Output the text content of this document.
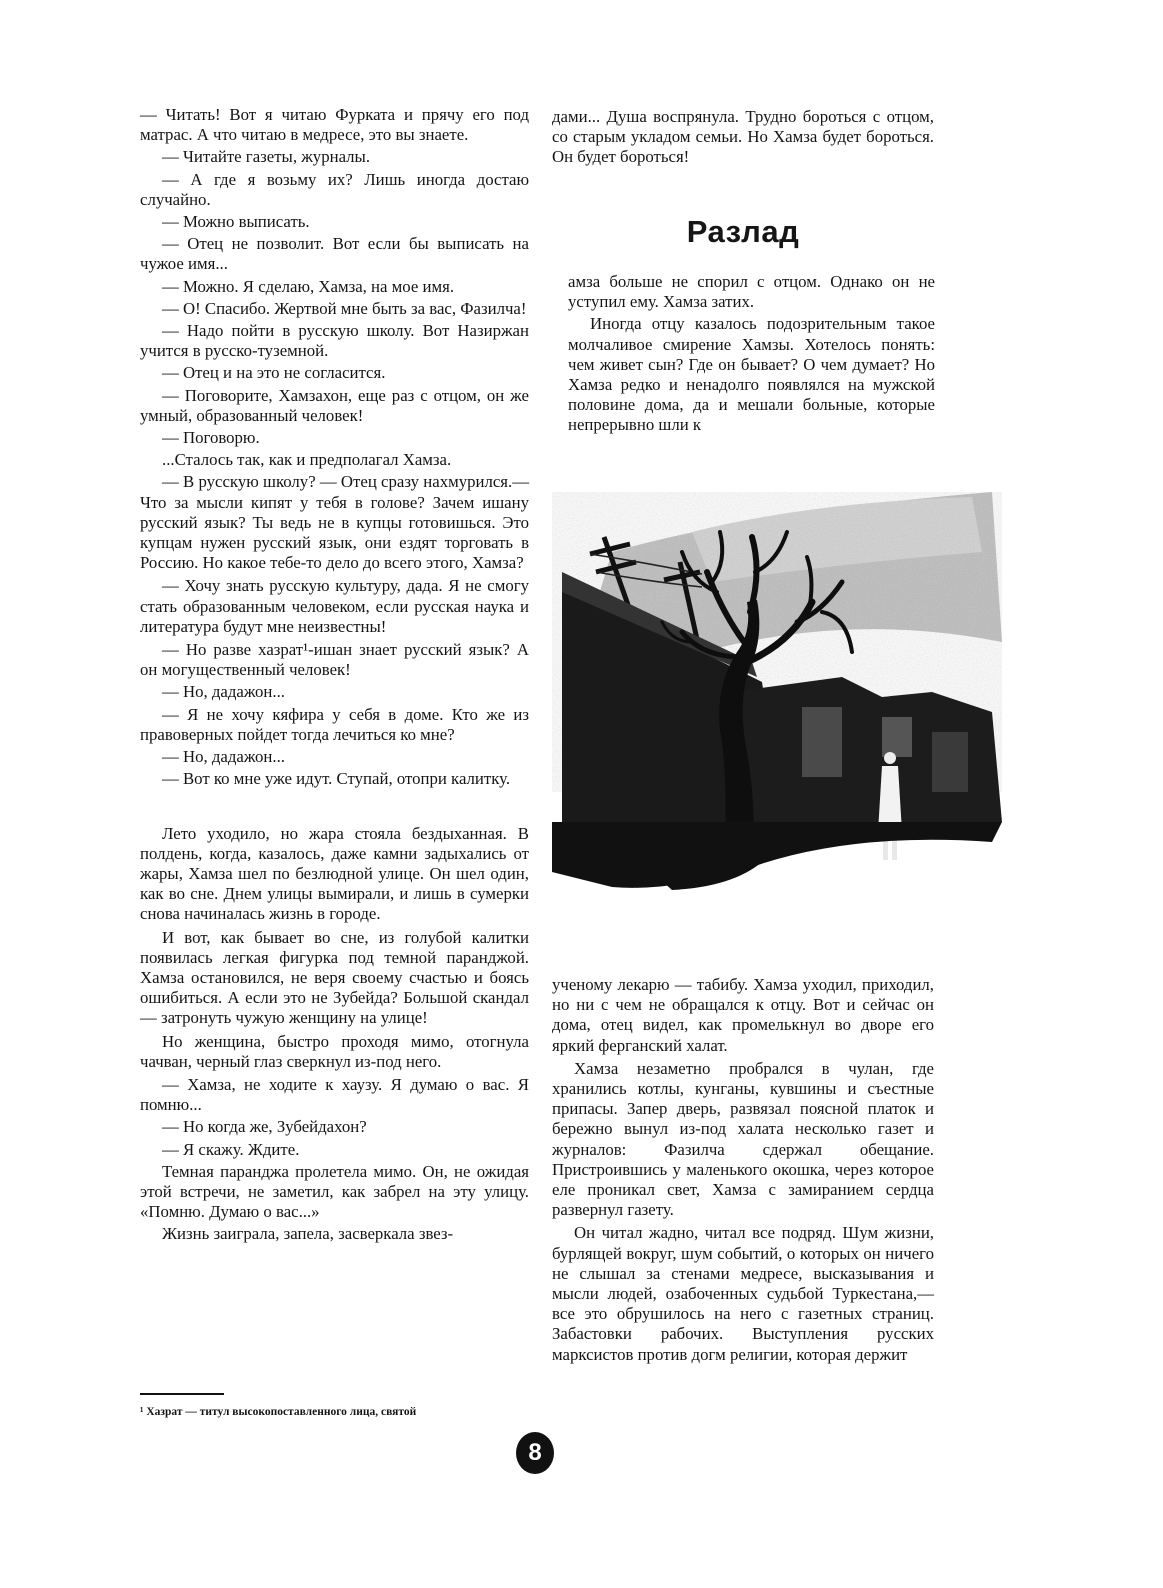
— Читать! Вот я читаю Фурката и прячу его под матрас. А что читаю в медресе, это вы знаете.

— Читайте газеты, журналы.

— А где я возьму их? Лишь иногда достаю случайно.

— Можно выписать.

— Отец не позволит. Вот если бы выписать на чужое имя...

— Можно. Я сделаю, Хамза, на мое имя.

— О! Спасибо. Жертвой мне быть за вас, Фазилча!

— Надо пойти в русскую школу. Вот Назиржан учится в русско-туземной.

— Отец и на это не согласится.

— Поговорите, Хамзахон, еще раз с отцом, он же умный, образованный человек!

— Поговорю.

...Сталось так, как и предполагал Хамза.

— В русскую школу? — Отец сразу нахмурился.— Что за мысли кипят у тебя в голове? Зачем ишану русский язык? Ты ведь не в купцы готовишься. Это купцам нужен русский язык, они ездят торговать в Россию. Но какое тебе-то дело до всего этого, Хамза?

— Хочу знать русскую культуру, дада. Я не смогу стать образованным человеком, если русская наука и литература будут мне неизвестны!

— Но разве хазрат¹-ишан знает русский язык? А он могущественный человек!

— Но, дадажон...

— Я не хочу кяфира у себя в доме. Кто же из правоверных пойдет тогда лечиться ко мне?

— Но, дадажон...

— Вот ко мне уже идут. Ступай, отопри калитку.

Лето уходило, но жара стояла бездыханная. В полдень, когда, казалось, даже камни задыхались от жары, Хамза шел по безлюдной улице. Он шел один, как во сне. Днем улицы вымирали, и лишь в сумерки снова начиналась жизнь в городе.

И вот, как бывает во сне, из голубой калитки появилась легкая фигурка под темной паранджой. Хамза остановился, не веря своему счастью и боясь ошибиться. А если это не Зубейда? Большой скандал — затронуть чужую женщину на улице!

Но женщина, быстро проходя мимо, отогнула чачван, черный глаз сверкнул из-под него.

— Хамза, не ходите к хаузу. Я думаю о вас. Я помню...

— Но когда же, Зубейдахон?

— Я скажу. Ждите.

Темная паранджа пролетела мимо. Он, не ожидая этой встречи, не заметил, как забрел на эту улицу. «Помню. Думаю о вас...»

Жизнь заиграла, запела, засверкала звез-

¹ Хазрат — титул высокопоставленного лица, святой

дами... Душа воспрянула. Трудно бороться с отцом, со старым укладом семьи. Но Хамза будет бороться. Он будет бороться!

Разлад

амза больше не спорил с отцом. Однако он не уступил ему. Хамза затих.

Иногда отцу казалось подозрительным такое молчаливое смирение Хамзы. Хотелось понять: чем живет сын? Где он бывает? О чем думает? Но Хамза редко и ненадолго появлялся на мужской половине дома, да и мешали больные, которые непрерывно шли к

ученому лекарю — табибу. Хамза уходил, приходил, но ни с чем не обращался к отцу. Вот и сейчас он дома, отец видел, как промелькнул во дворе его яркий ферганский халат.

Хамза незаметно пробрался в чулан, где хранились котлы, кунганы, кувшины и съестные припасы. Запер дверь, развязал поясной платок и бережно вынул из-под халата несколько газет и журналов: Фазилча сдержал обещание. Пристроившись у маленького окошка, через которое еле проникал свет, Хамза с замиранием сердца развернул газету.

Он читал жадно, читал все подряд. Шум жизни, бурлящей вокруг, шум событий, о которых он ничего не слышал за стенами медресе, высказывания и мысли людей, озабоченных судьбой Туркестана,— все это обрушилось на него с газетных страниц. Забастовки рабочих. Выступления русских марксистов против догм религии, которая держит

8
